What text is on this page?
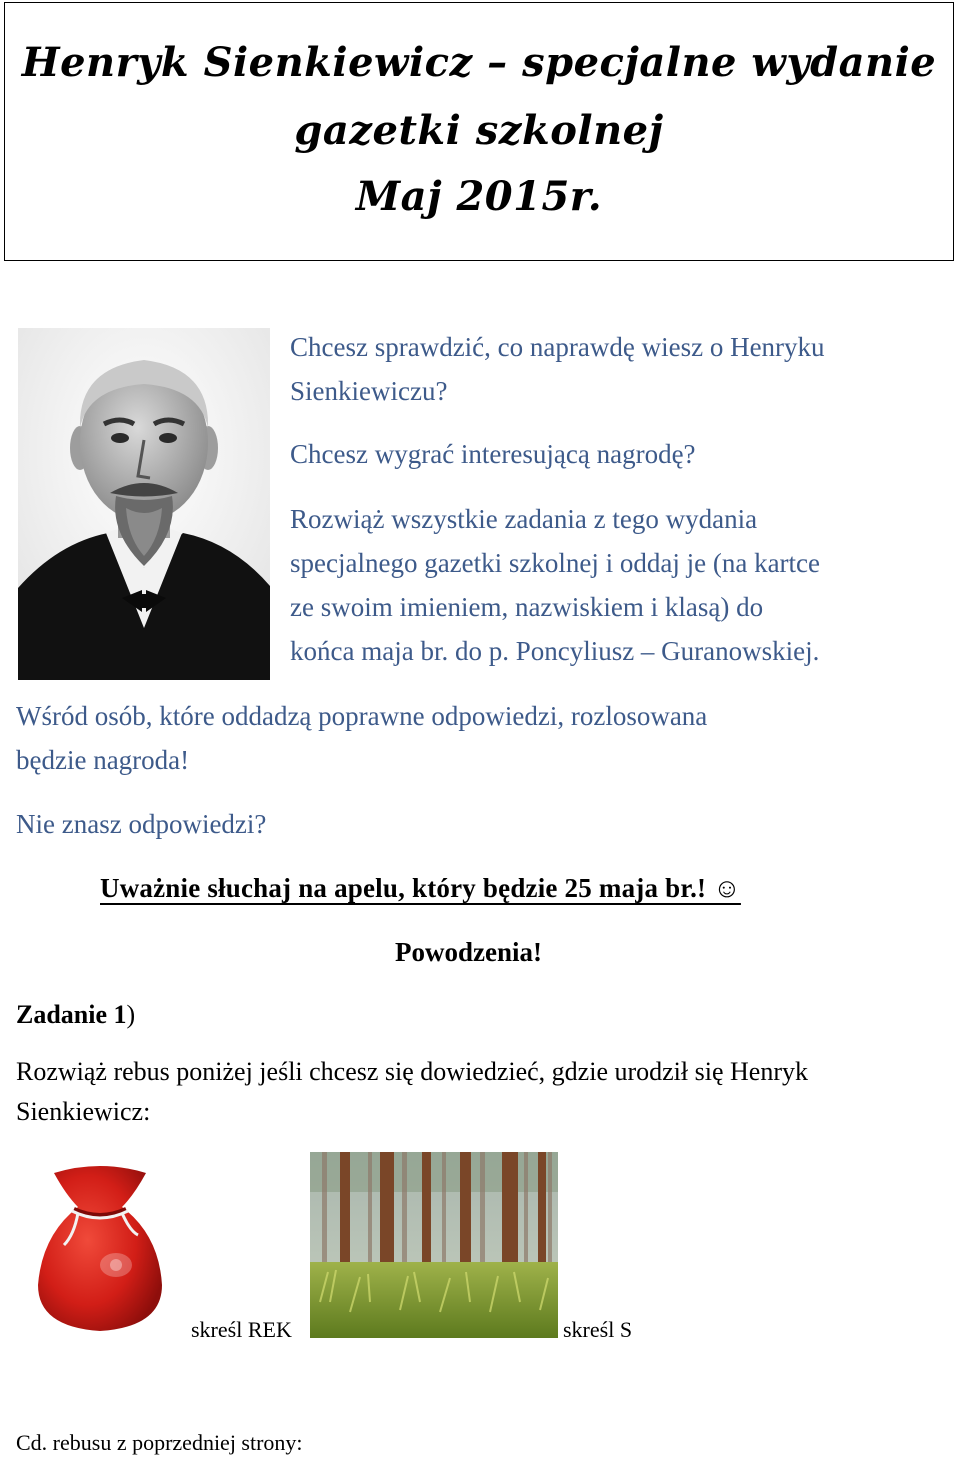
Henryk Sienkiewicz – specjalne wydanie
gazetki szkolnej
Maj 2015r.
Chcesz sprawdzić, co naprawdę wiesz o Henryku
Sienkiewiczu?
Chcesz wygrać interesującą nagrodę?
Rozwiąż wszystkie zadania z tego wydania
specjalnego gazetki szkolnej i oddaj je (na kartce
ze swoim imieniem, nazwiskiem i klasą) do
końca maja br. do p. Poncyliusz – Guranowskiej.
Wśród osób, które oddadzą poprawne odpowiedzi, rozlosowana
będzie nagroda!
Nie znasz odpowiedzi?
Uważnie słuchaj na apelu, który będzie 25 maja br.! ☺
Powodzenia!
Zadanie 1)
Rozwiąż rebus poniżej jeśli chcesz się dowiedzieć, gdzie urodził się Henryk
Sienkiewicz:
skreśl REK	skreśl S
Cd. rebusu z poprzedniej strony:
